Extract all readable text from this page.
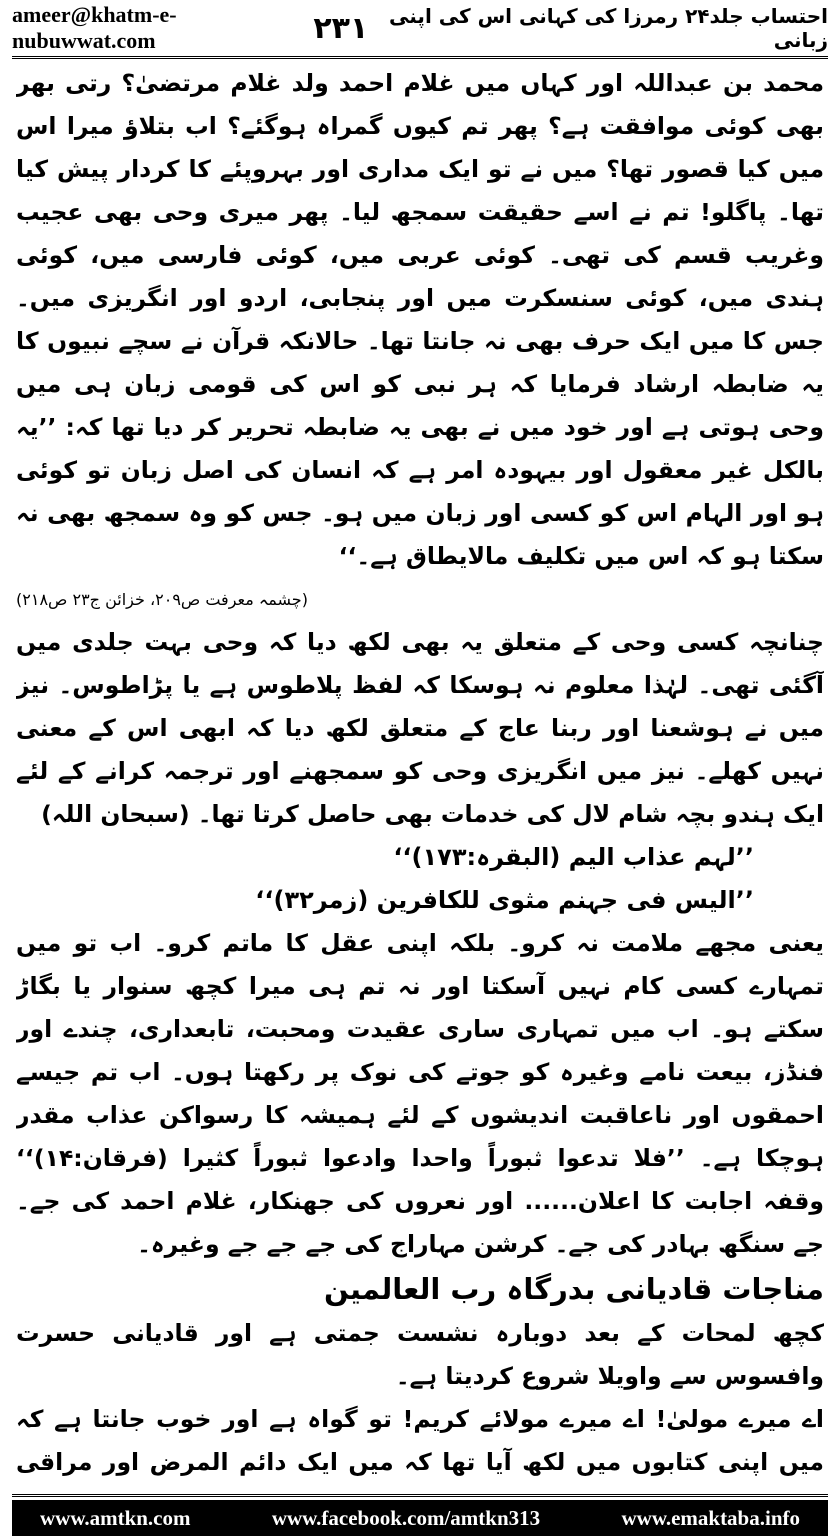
ameer@khatm-e-nubuwwat.com	۲۳۱	احتساب جلد۲۴ رمرزا کی کہانی اس کی اپنی زبانی

محمد بن عبداللہ اور کہاں میں غلام احمد ولد غلام مرتضیٰ؟ رتی بھر بھی کوئی موافقت ہے؟ پھر تم کیوں گمراہ ہوگئے؟ اب بتلاؤ میرا اس میں کیا قصور تھا؟ میں نے تو ایک مداری اور بہروپئے کا کردار پیش کیا تھا۔ پاگلو! تم نے اسے حقیقت سمجھ لیا۔ پھر میری وحی بھی عجیب وغریب قسم کی تھی۔ کوئی عربی میں، کوئی فارسی میں، کوئی ہندی میں، کوئی سنسکرت میں اور پنجابی، اردو اور انگریزی میں۔ جس کا میں ایک حرف بھی نہ جانتا تھا۔ حالانکہ قرآن نے سچے نبیوں کا یہ ضابطہ ارشاد فرمایا کہ ہر نبی کو اس کی قومی زبان ہی میں وحی ہوتی ہے اور خود میں نے بھی یہ ضابطہ تحریر کر دیا تھا کہ: ’’یہ بالکل غیر معقول اور بیہودہ امر ہے کہ انسان کی اصل زبان تو کوئی ہو اور الہام اس کو کسی اور زبان میں ہو۔ جس کو وہ سمجھ بھی نہ سکتا ہو کہ اس میں تکلیف مالایطاق ہے۔‘‘

(چشمہ معرفت ص۲۰۹، خزائن ج۲۳ ص۲۱۸)

چنانچہ کسی وحی کے متعلق یہ بھی لکھ دیا کہ وحی بہت جلدی میں آگئی تھی۔ لہٰذا معلوم نہ ہوسکا کہ لفظ پلاطوس ہے یا پڑاطوس۔ نیز میں نے ہوشعنا اور ربنا عاج کے متعلق لکھ دیا کہ ابھی اس کے معنی نہیں کھلے۔ نیز میں انگریزی وحی کو سمجھنے اور ترجمہ کرانے کے لئے ایک ہندو بچہ شام لال کی خدمات بھی حاصل کرتا تھا۔ (سبحان اللہ)

’’لہم عذاب الیم (البقرہ:۱۷۳)‘‘

’’الیس فی جہنم مثوی للکافرین (زمر۳۲)‘‘

یعنی مجھے ملامت نہ کرو۔ بلکہ اپنی عقل کا ماتم کرو۔ اب تو میں تمہارے کسی کام نہیں آسکتا اور نہ تم ہی میرا کچھ سنوار یا بگاڑ سکتے ہو۔ اب میں تمہاری ساری عقیدت ومحبت، تابعداری، چندے اور فنڈز، بیعت نامے وغیرہ کو جوتے کی نوک پر رکھتا ہوں۔ اب تم جیسے احمقوں اور ناعاقبت اندیشوں کے لئے ہمیشہ کا رسواکن عذاب مقدر ہوچکا ہے۔ ’’فلا تدعوا ثبوراً واحدا وادعوا ثبوراً کثیرا (فرقان:۱۴)‘‘ وقفہ اجابت کا اعلان...... اور نعروں کی جھنکار، غلام احمد کی جے۔ جے سنگھ بہادر کی جے۔ کرشن مہاراج کی جے جے جے وغیرہ۔

مناجات قادیانی بدرگاہ رب العالمین

کچھ لمحات کے بعد دوبارہ نشست جمتی ہے اور قادیانی حسرت وافسوس سے واویلا شروع کردیتا ہے۔

اے میرے مولیٰ! اے میرے مولائے کریم! تو گواہ ہے اور خوب جانتا ہے کہ میں اپنی کتابوں میں لکھ آیا تھا کہ میں ایک دائم المرض اور مراقی

www.amtkn.com	www.facebook.com/amtkn313	www.emaktaba.info
